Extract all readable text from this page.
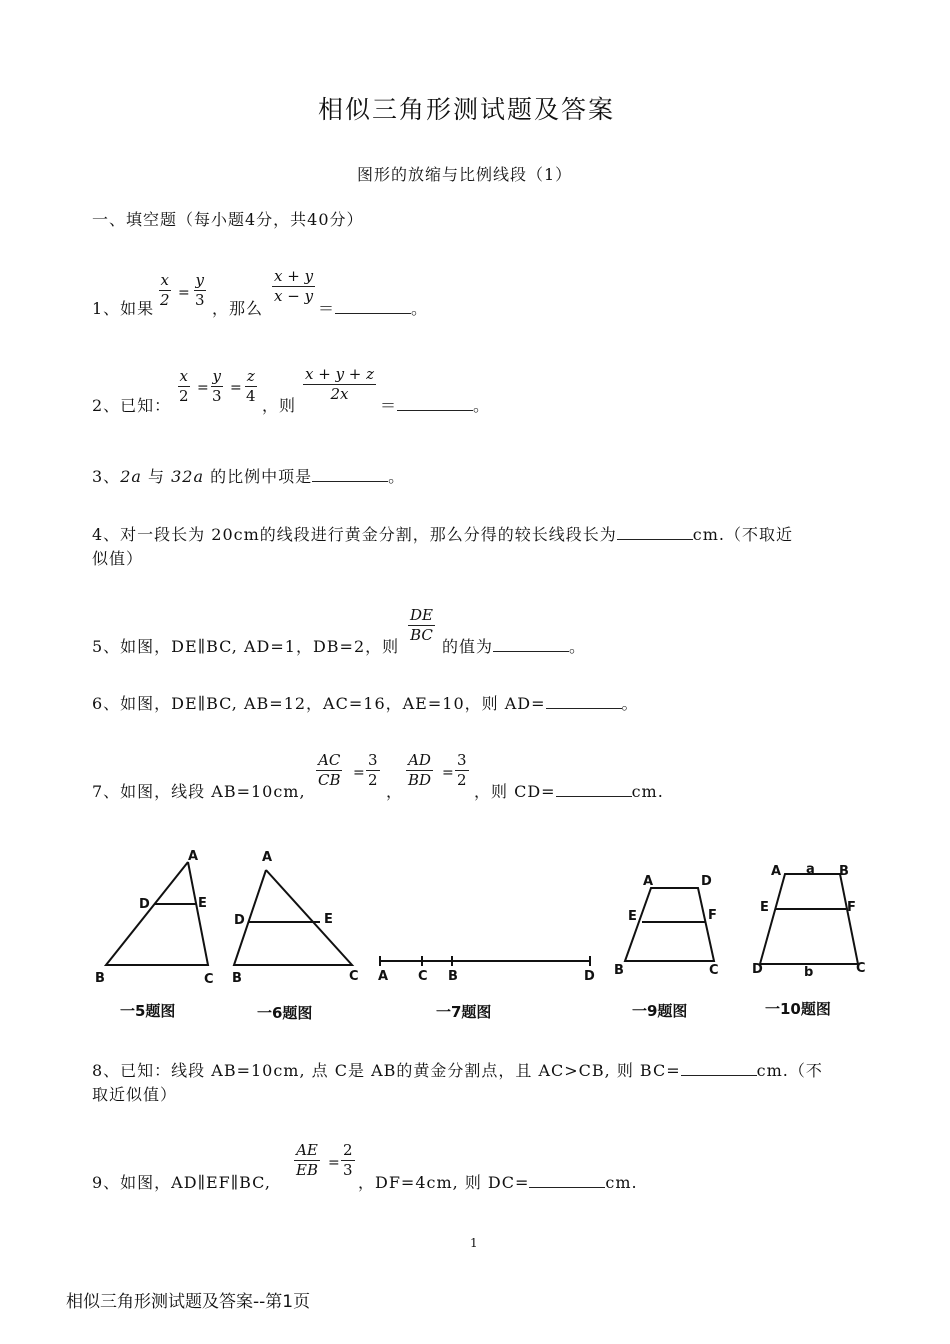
相似三角形测试题及答案
图形的放缩与比例线段（1）
一、填空题（每小题4分，共40分）
1、如果 $\frac{x}{2} = \frac{y}{3}$ ，那么
$\frac{x + y}{x - y}$
＝	。
2、已知：
$\frac{x}{2} = \frac{y}{3} = \frac{z}{4}$
，则
$\frac{x + y + z}{2x}$
＝	。
3、2a 与 32a 的比例中项是	。
4、对一段长为 20cm的线段进行黄金分割，那么分得的较长线段长为	cm.（不取近
似值）
5、如图，DE∥BC, AD=1，DB=2，则
$\frac{DE}{BC}$
的值为	。
6、如图，DE∥BC, AB=12，AC=16，AE=10，则 AD=	。
7、如图，线段 AB=10cm,
$\frac{AC}{CB} = \frac{3}{2}$
，
$\frac{AD}{BD} = \frac{3}{2}$
，则 CD=	cm.
A
D	E
B	C
A
D	E
B	C A C B	D
A	D
E	F
B	C
A a B
E	F
D	b	C
一5题图	一6题图	一7题图	一9题图	一10题图
8、已知：线段 AB=10cm, 点 C是 AB的黄金分割点，且 AC>CB, 则 BC=	cm.（不
取近似值）
9、如图，AD∥EF∥BC,
$\frac{AE}{EB} = \frac{2}{3}$
，DF=4cm, 则 DC=	cm.
1
相似三角形测试题及答案--第1页
